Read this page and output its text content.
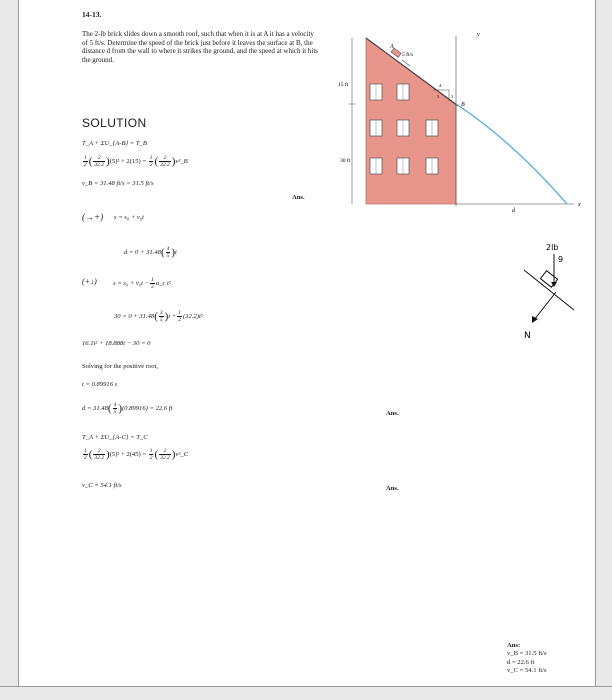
14-13.
The 2-lb brick slides down a smooth roof, such that when it is at A it has a velocity of 5 ft/s. Determine the speed of the brick just before it leaves the surface at B, the distance d from the wall to where it strikes the ground, and the speed at which it hits the ground.
SOLUTION
T_A + ΣU_{A-B} = T_B
$\frac{1}{2}$ ( $\frac{2}{32.2} )(5)^2 + 2(15) = \frac{1}{2}$ ( $\frac{2}{32.2}$ )v²_B
v_B = 31.48 ft/s = 31.5 ft/s
Ans.
(→+) s = s₀ + v₀t
$d = 0 + 31.48( \frac{4}{5} )t$
(+↓) $s = s_0 + v_0t - \frac{1}{2}$ a_c t²
$30 = 0 + 31.48( \frac{3}{5} )t + \frac{1}{2} (32.2)t^2$
16.1t² + 18.888t − 30 = 0
Solving for the positive root,
t = 0.89916 s
$d = 31.48( \frac{4}{5} )(0.89916) = 22.6$ ft
Ans.
T_A + ΣU_{A-C} = T_C
$\frac{1}{2}$ ( $\frac{2}{32.2} )(5)^2 + 2(45) = \frac{1}{2}$ ( $\frac{2}{32.2}$ )v²_C
v_C = 54.1 ft/s	Ans.
Ans:
v_B = 31.5 ft/s
d = 22.6 ft
v_C = 54.1 ft/s
15 ft
30 ft
y
x
d
A
5 ft/s
4
3
5
B
2lb
9
N
